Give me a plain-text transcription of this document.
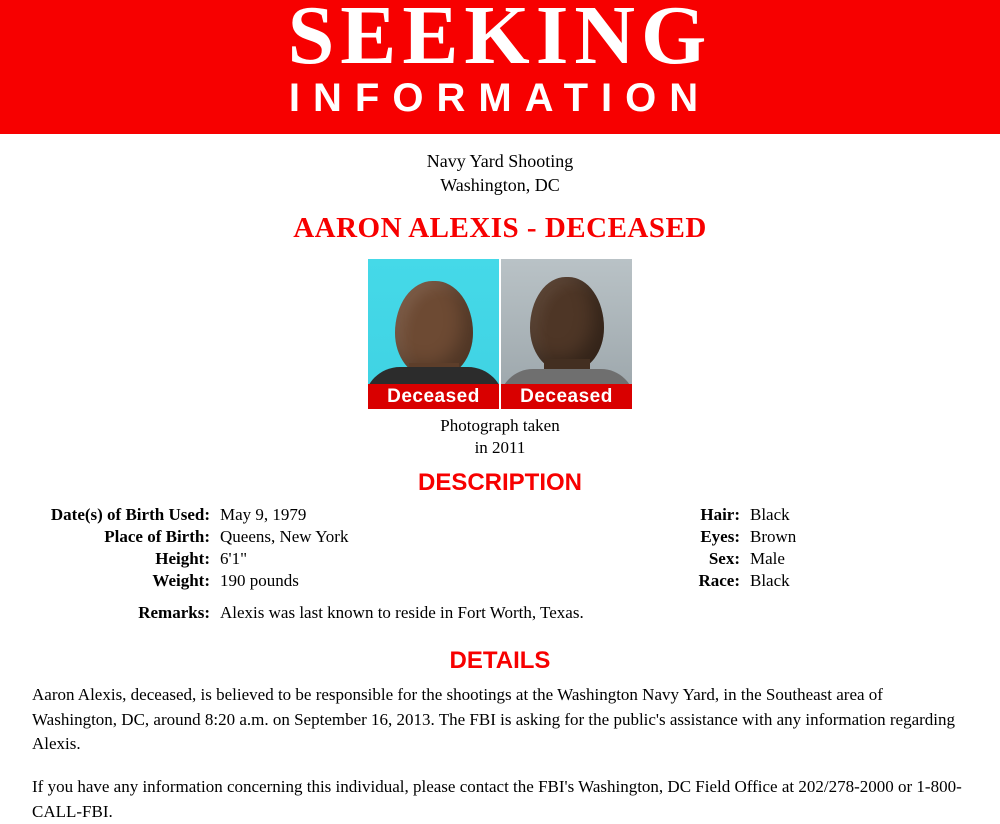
SEEKING
INFORMATION
Navy Yard Shooting
Washington, DC
AARON ALEXIS - DECEASED
Deceased	Deceased
Photograph taken
in 2011
DESCRIPTION
Date(s) of Birth Used: May 9, 1979	Hair: Black
Place of Birth: Queens, New York	Eyes: Brown
Height: 6'1"	Sex: Male
Weight: 190 pounds	Race: Black
Remarks: Alexis was last known to reside in Fort Worth, Texas.
DETAILS

Aaron Alexis, deceased, is believed to be responsible for the shootings at the Washington Navy Yard, in the Southeast area of Washington, DC, around 8:20 a.m. on September 16, 2013. The FBI is asking for the public's assistance with any information regarding Alexis.

If you have any information concerning this individual, please contact the FBI's Washington, DC Field Office at 202/278-2000 or 1-800-CALL-FBI.
